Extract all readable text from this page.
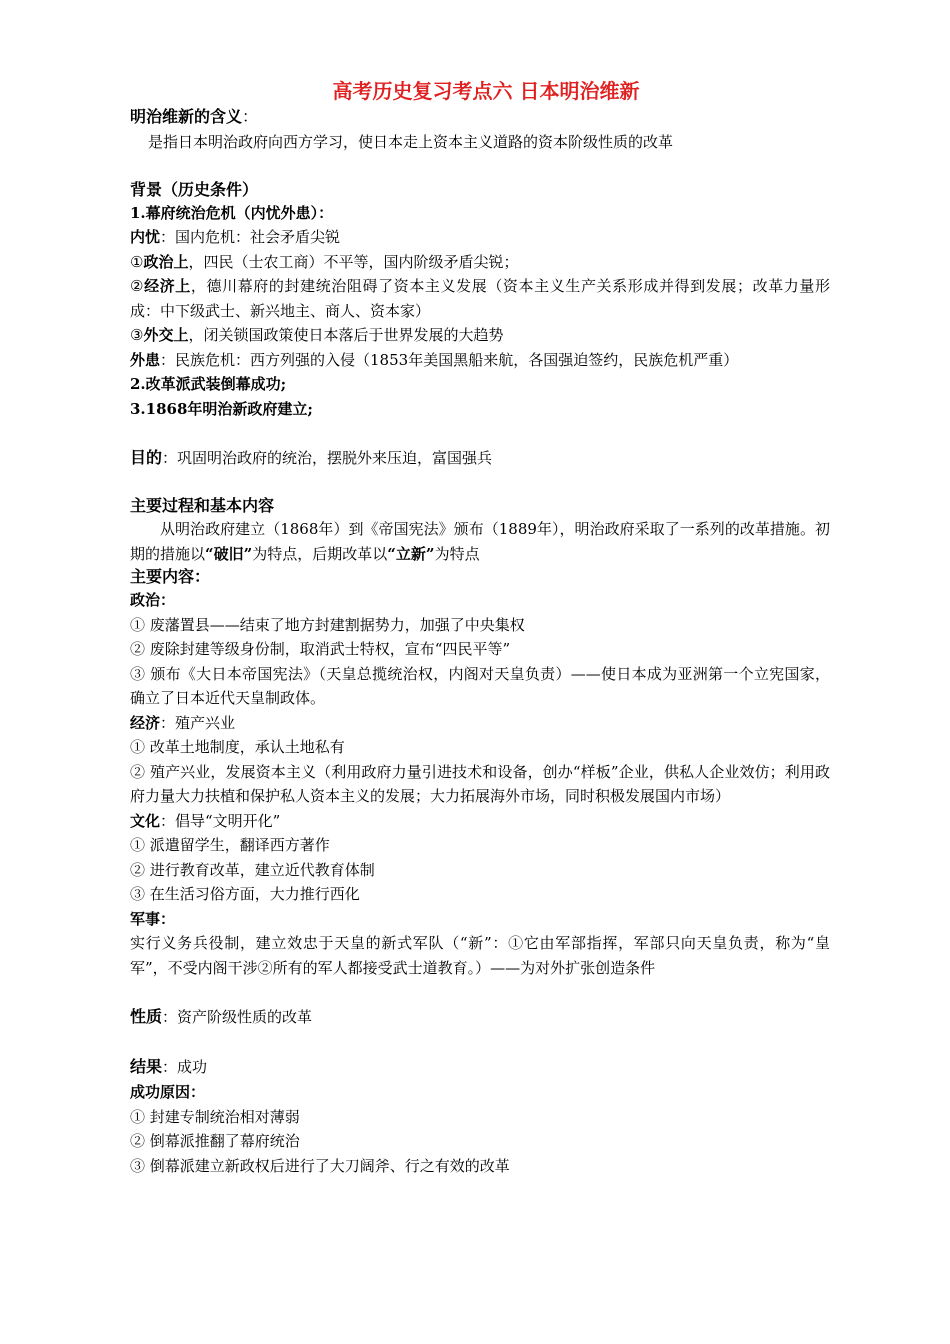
高考历史复习考点六 日本明治维新
明治维新的含义：
是指日本明治政府向西方学习，使日本走上资本主义道路的资本阶级性质的改革
背景（历史条件）
1.幕府统治危机（内忧外患）：
内忧：国内危机：社会矛盾尖锐
①政治上，四民（士农工商）不平等，国内阶级矛盾尖锐；
②经济上，德川幕府的封建统治阻碍了资本主义发展（资本主义生产关系形成并得到发展；改革力量形成：中下级武士、新兴地主、商人、资本家）
③外交上，闭关锁国政策使日本落后于世界发展的大趋势
外患：民族危机：西方列强的入侵（1853年美国黑船来航，各国强迫签约，民族危机严重）
2.改革派武装倒幕成功;
3.1868年明治新政府建立;
目的：巩固明治政府的统治，摆脱外来压迫，富国强兵
主要过程和基本内容
从明治政府建立（1868年）到《帝国宪法》颁布（1889年），明治政府采取了一系列的改革措施。初期的措施以“破旧”为特点，后期改革以“立新”为特点
主要内容：
政治：
① 废藩置县——结束了地方封建割据势力，加强了中央集权
② 废除封建等级身份制，取消武士特权，宣布“四民平等”
③ 颁布《大日本帝国宪法》（天皇总揽统治权，内阁对天皇负责）——使日本成为亚洲第一个立宪国家，确立了日本近代天皇制政体。
经济：殖产兴业
① 改革土地制度，承认土地私有
② 殖产兴业，发展资本主义（利用政府力量引进技术和设备，创办“样板”企业，供私人企业效仿；利用政府力量大力扶植和保护私人资本主义的发展；大力拓展海外市场，同时积极发展国内市场）
文化：倡导“文明开化”
① 派遣留学生，翻译西方著作
② 进行教育改革，建立近代教育体制
③ 在生活习俗方面，大力推行西化
军事：
实行义务兵役制，建立效忠于天皇的新式军队（“新”：①它由军部指挥，军部只向天皇负责，称为“皇军”，不受内阁干涉②所有的军人都接受武士道教育。）——为对外扩张创造条件
性质：资产阶级性质的改革
结果：成功
成功原因：
① 封建专制统治相对薄弱
② 倒幕派推翻了幕府统治
③ 倒幕派建立新政权后进行了大刀阔斧、行之有效的改革
